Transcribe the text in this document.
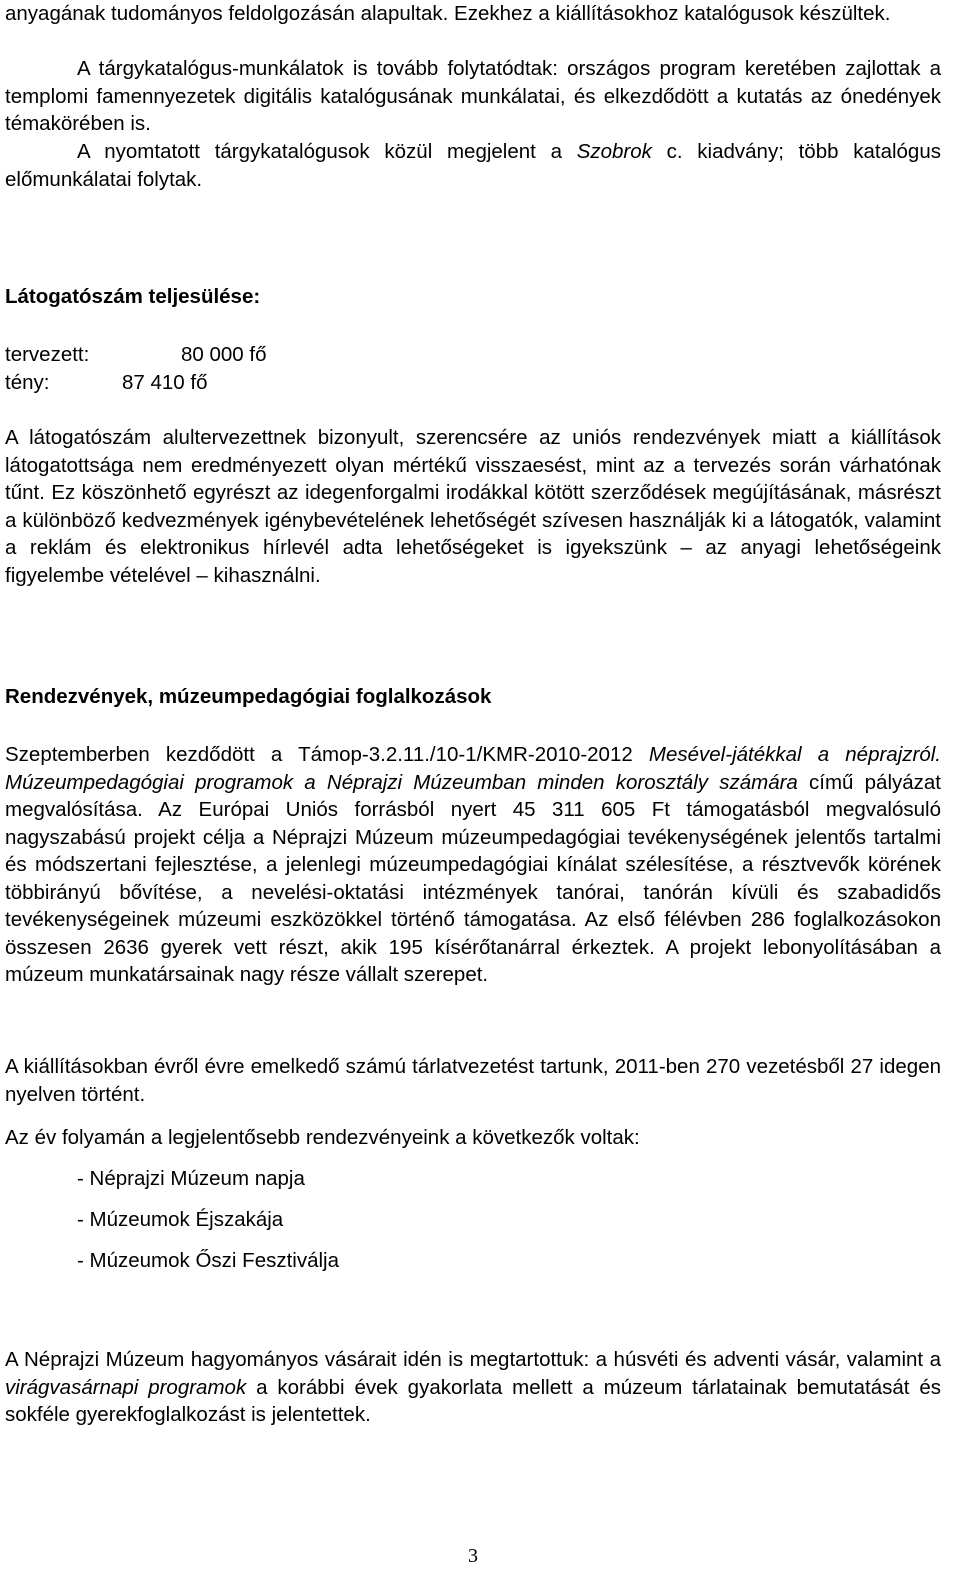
anyagának tudományos feldolgozásán alapultak. Ezekhez a kiállításokhoz katalógusok készültek.

A tárgykatalógus-munkálatok is tovább folytatódtak: országos program keretében zajlottak a templomi famennyezetek digitális katalógusának munkálatai, és elkezdődött a kutatás az ónedények témakörében is.

A nyomtatott tárgykatalógusok közül megjelent a Szobrok c. kiadvány; több katalógus előmunkálatai folytak.

Látogatószám teljesülése:

tervezett:	80 000 fő
tény:	87 410 fő

A látogatószám alultervezettnek bizonyult, szerencsére az uniós rendezvények miatt a kiállítások látogatottsága nem eredményezett olyan mértékű visszaesést, mint az a tervezés során várhatónak tűnt. Ez köszönhető egyrészt az idegenforgalmi irodákkal kötött szerződések megújításának, másrészt a különböző kedvezmények igénybevételének lehetőségét szívesen használják ki a látogatók, valamint a reklám és elektronikus hírlevél adta lehetőségeket is igyekszünk – az anyagi lehetőségeink figyelembe vételével – kihasználni.

Rendezvények, múzeumpedagógiai foglalkozások

Szeptemberben kezdődött a Támop-3.2.11./10-1/KMR-2010-2012 Mesével-játékkal a néprajzról. Múzeumpedagógiai programok a Néprajzi Múzeumban minden korosztály számára című pályázat megvalósítása. Az Európai Uniós forrásból nyert 45 311 605 Ft támogatásból megvalósuló nagyszabású projekt célja a Néprajzi Múzeum múzeumpedagógiai tevékenységének jelentős tartalmi és módszertani fejlesztése, a jelenlegi múzeumpedagógiai kínálat szélesítése, a résztvevők körének többirányú bővítése, a nevelési-oktatási intézmények tanórai, tanórán kívüli és szabadidős tevékenységeinek múzeumi eszközökkel történő támogatása. Az első félévben 286 foglalkozásokon összesen 2636 gyerek vett részt, akik 195 kísérőtanárral érkeztek. A projekt lebonyolításában a múzeum munkatársainak nagy része vállalt szerepet.

A kiállításokban évről évre emelkedő számú tárlatvezetést tartunk, 2011-ben 270 vezetésből 27 idegen nyelven történt.

Az év folyamán a legjelentősebb rendezvényeink a következők voltak:

- Néprajzi Múzeum napja
- Múzeumok Éjszakája
- Múzeumok Őszi Fesztiválja

A Néprajzi Múzeum hagyományos vásárait idén is megtartottuk: a húsvéti és adventi vásár, valamint a virágvasárnapi programok a korábbi évek gyakorlata mellett a múzeum tárlatainak bemutatását és sokféle gyerekfoglalkozást is jelentettek.

3
